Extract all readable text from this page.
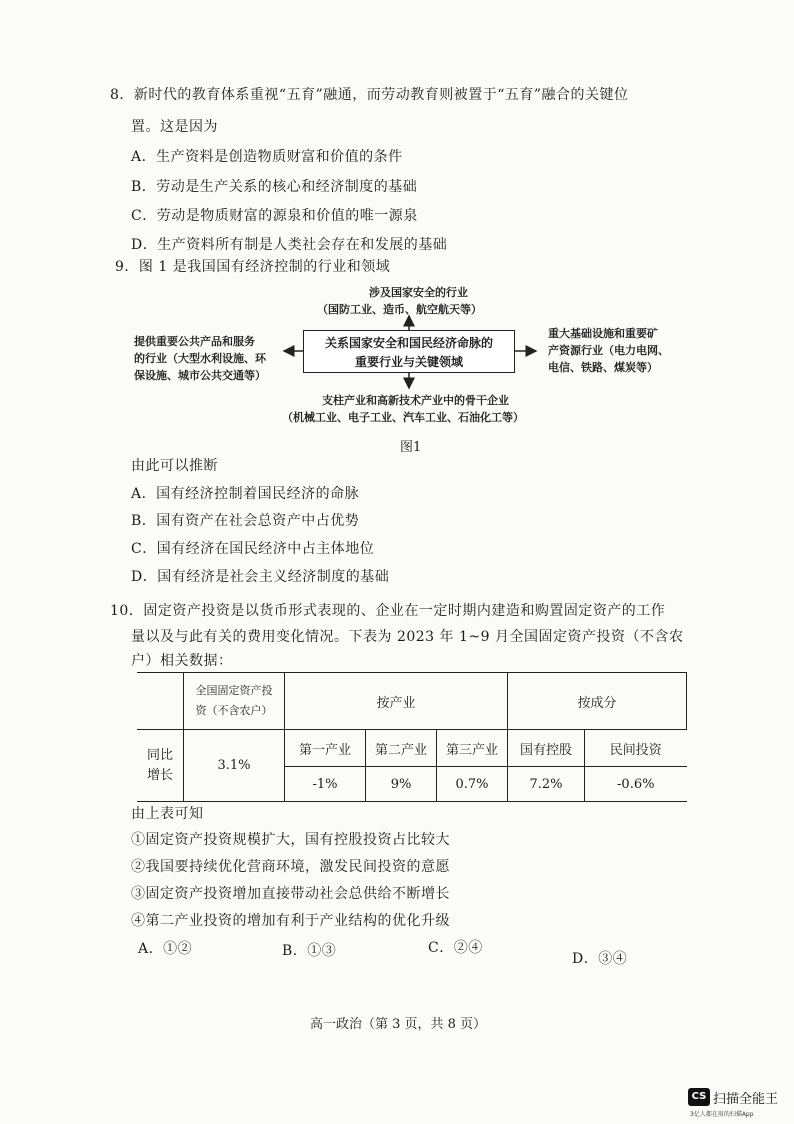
8．新时代的教育体系重视“五育”融通，而劳动教育则被置于“五育”融合的关键位
置。这是因为
A．生产资料是创造物质财富和价值的条件
B．劳动是生产关系的核心和经济制度的基础
C．劳动是物质财富的源泉和价值的唯一源泉
D．生产资料所有制是人类社会存在和发展的基础
9．图 1 是我国国有经济控制的行业和领域
关系国家安全和国民经济命脉的
重要行业与关键领域
涉及国家安全的行业
（国防工业、造币、航空航天等）
提供重要公共产品和服务
的行业（大型水利设施、环
保设施、城市公共交通等）
重大基础设施和重要矿
产资源行业（电力电网、
电信、铁路、煤炭等）
支柱产业和高新技术产业中的骨干企业
（机械工业、电子工业、汽车工业、石油化工等）
图1
由此可以推断
A．国有经济控制着国民经济的命脉
B．国有资产在社会总资产中占优势
C．国有经济在国民经济中占主体地位
D．国有经济是社会主义经济制度的基础
10．固定资产投资是以货币形式表现的、企业在一定时期内建造和购置固定资产的工作
量以及与此有关的费用变化情况。下表为 2023 年 1~9 月全国固定资产投资（不含农
户）相关数据：

	全国固定资产投
资（不含农户）	按产业			按成分	

同比
增长	3.1%	第一产业	第二产业	第三产业	国有控股	民间投资
		-1%	9%	0.7%	7.2%	-0.6%
由上表可知
①固定资产投资规模扩大，国有控股投资占比较大
②我国要持续优化营商环境，激发民间投资的意愿
③固定资产投资增加直接带动社会总供给不断增长
④第二产业投资的增加有利于产业结构的优化升级
A．①②	B．①③	C．②④
D．③④
高一政治（第 3 页，共 8 页）
CS 扫描全能王
3亿人都在用的扫描App
